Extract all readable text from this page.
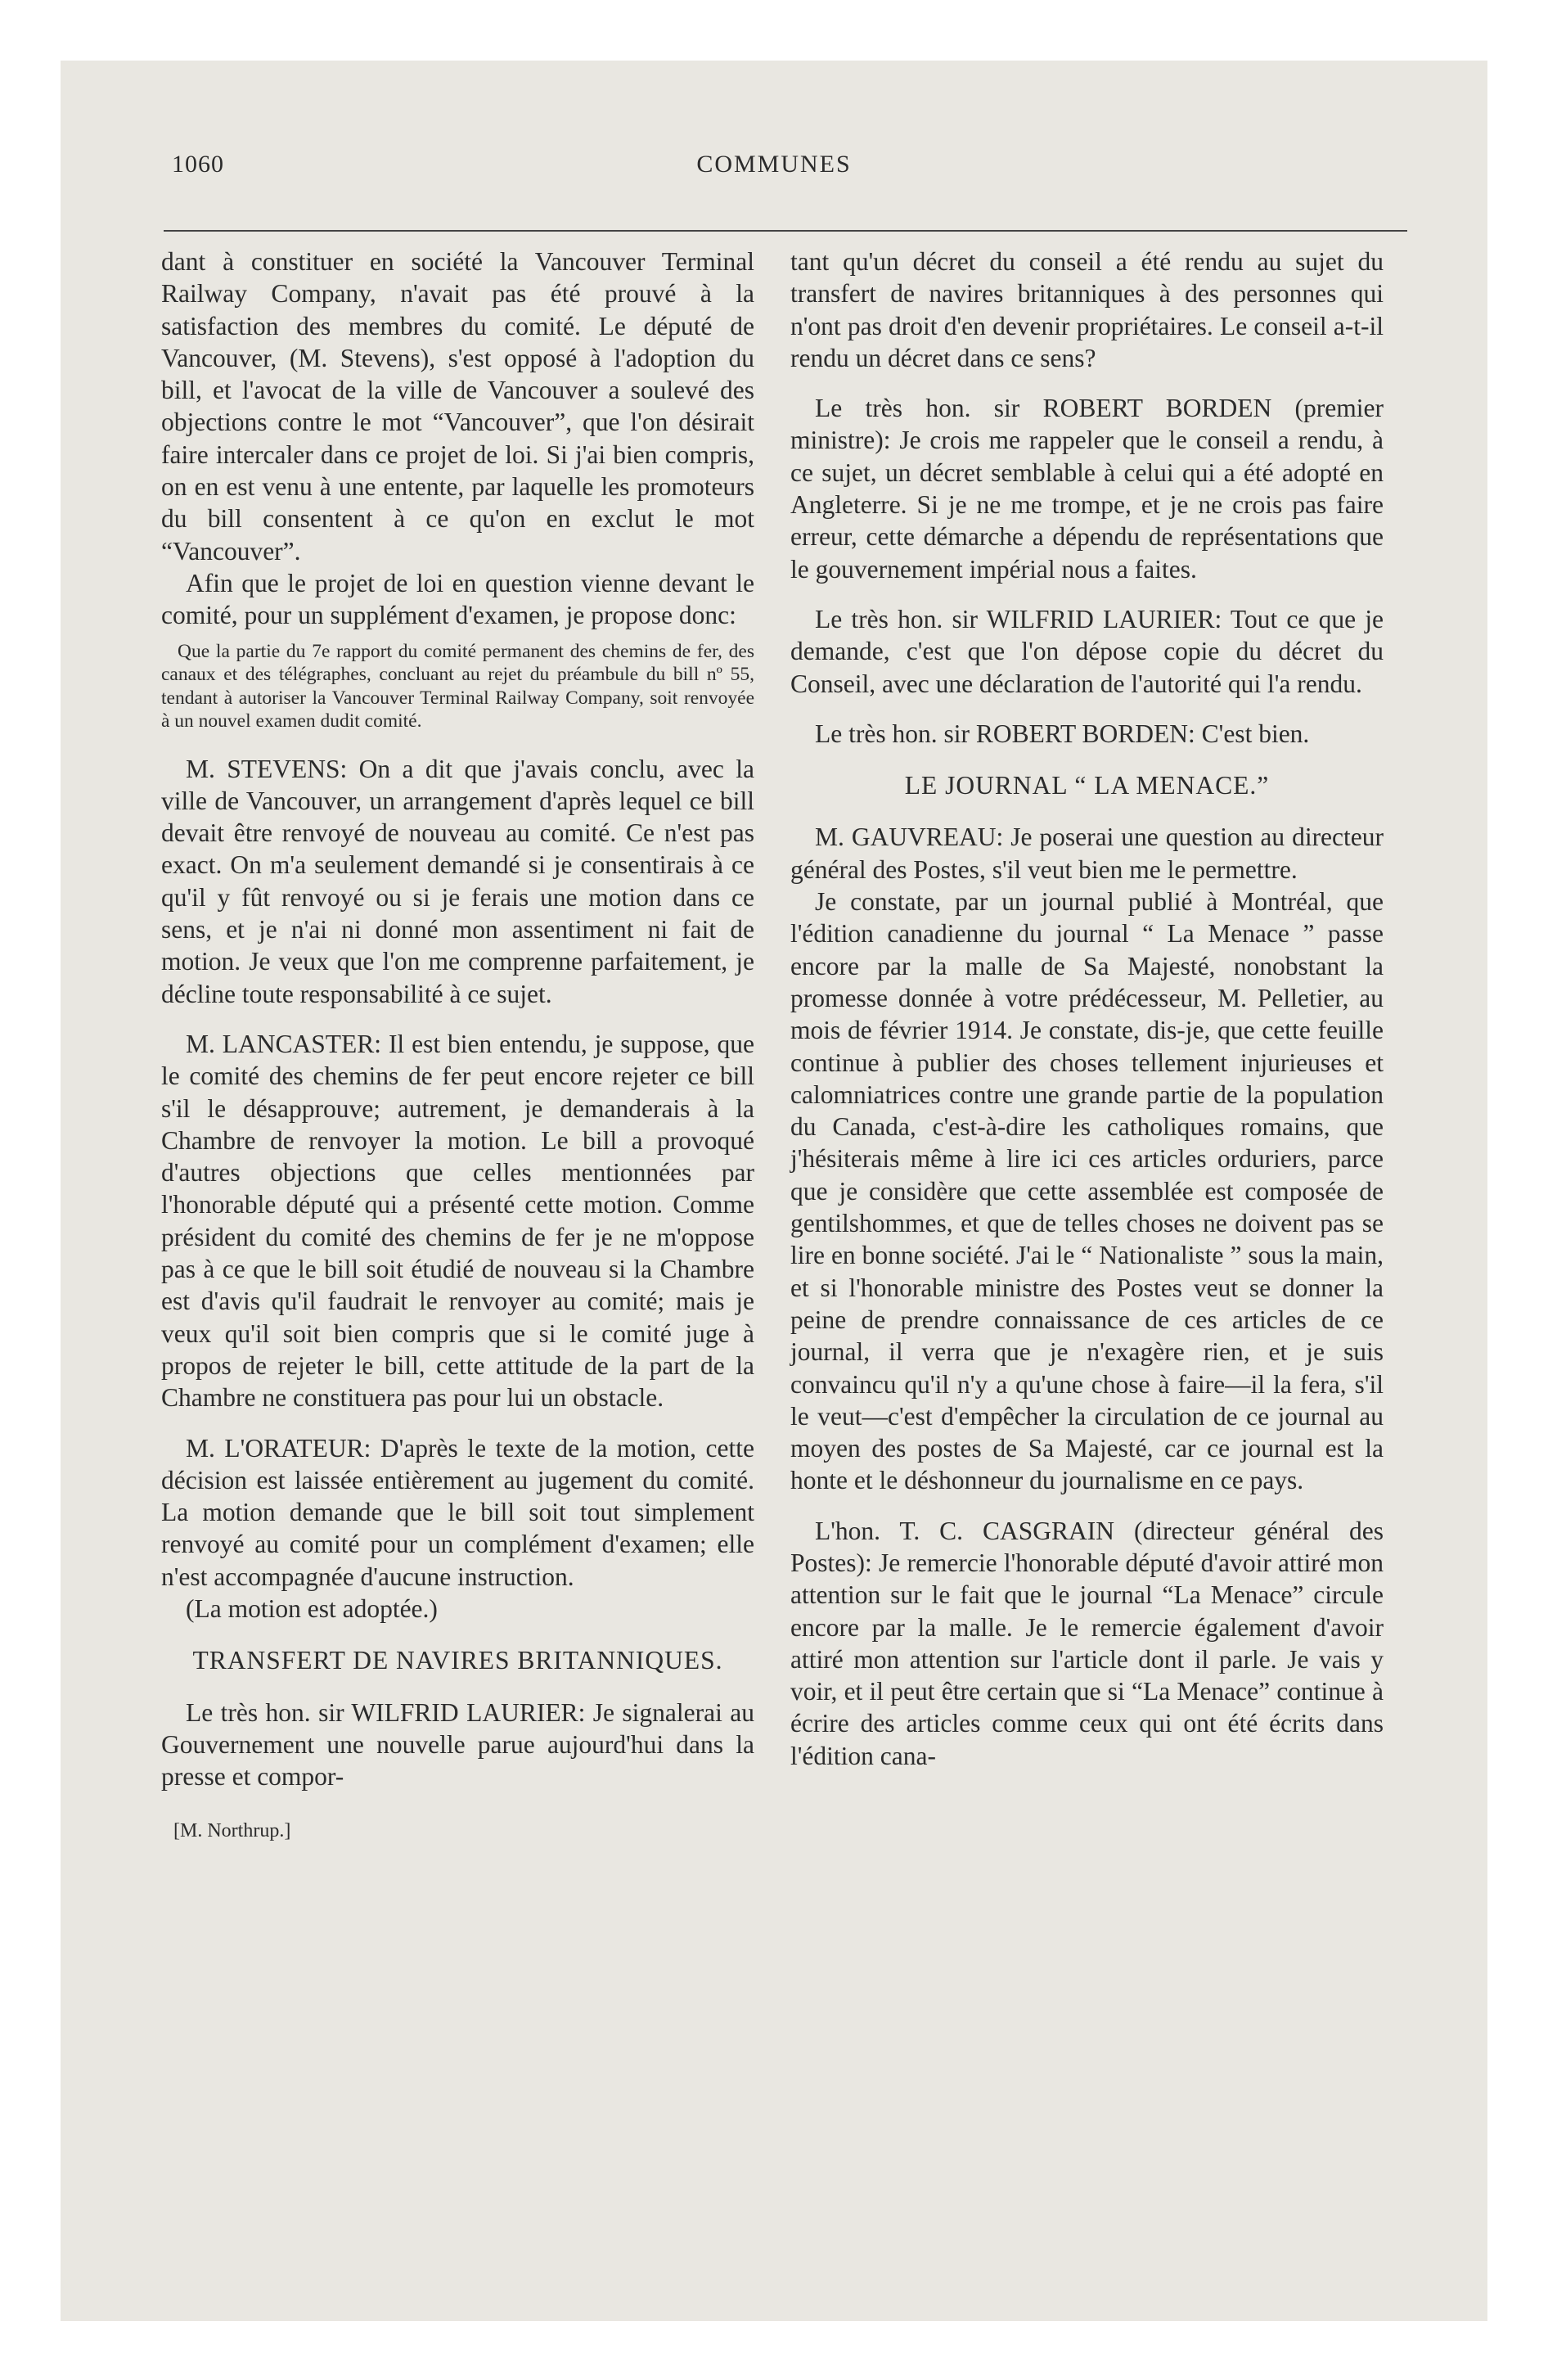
1060	COMMUNES

dant à constituer en société la Vancouver Terminal Railway Company, n'avait pas été prouvé à la satisfaction des membres du comité. Le député de Vancouver, (M. Stevens), s'est opposé à l'adoption du bill, et l'avocat de la ville de Vancouver a soulevé des objections contre le mot “Vancouver”, que l'on désirait faire intercaler dans ce projet de loi. Si j'ai bien compris, on en est venu à une entente, par laquelle les promoteurs du bill consentent à ce qu'on en exclut le mot “Vancouver”.

Afin que le projet de loi en question vienne devant le comité, pour un supplément d'examen, je propose donc:

Que la partie du 7e rapport du comité permanent des chemins de fer, des canaux et des télégraphes, concluant au rejet du préambule du bill nº 55, tendant à autoriser la Vancouver Terminal Railway Company, soit renvoyée à un nouvel examen dudit comité.

M. STEVENS: On a dit que j'avais conclu, avec la ville de Vancouver, un arrangement d'après lequel ce bill devait être renvoyé de nouveau au comité. Ce n'est pas exact. On m'a seulement demandé si je consentirais à ce qu'il y fût renvoyé ou si je ferais une motion dans ce sens, et je n'ai ni donné mon assentiment ni fait de motion. Je veux que l'on me comprenne parfaitement, je décline toute responsabilité à ce sujet.

M. LANCASTER: Il est bien entendu, je suppose, que le comité des chemins de fer peut encore rejeter ce bill s'il le désapprouve; autrement, je demanderais à la Chambre de renvoyer la motion. Le bill a provoqué d'autres objections que celles mentionnées par l'honorable député qui a présenté cette motion. Comme président du comité des chemins de fer je ne m'oppose pas à ce que le bill soit étudié de nouveau si la Chambre est d'avis qu'il faudrait le renvoyer au comité; mais je veux qu'il soit bien compris que si le comité juge à propos de rejeter le bill, cette attitude de la part de la Chambre ne constituera pas pour lui un obstacle.

M. L'ORATEUR: D'après le texte de la motion, cette décision est laissée entièrement au jugement du comité. La motion demande que le bill soit tout simplement renvoyé au comité pour un complément d'examen; elle n'est accompagnée d'aucune instruction.

(La motion est adoptée.)

TRANSFERT DE NAVIRES BRITANNIQUES.

Le très hon. sir WILFRID LAURIER: Je signalerai au Gouvernement une nouvelle parue aujourd'hui dans la presse et compor-

[M. Northrup.]

tant qu'un décret du conseil a été rendu au sujet du transfert de navires britanniques à des personnes qui n'ont pas droit d'en devenir propriétaires. Le conseil a-t-il rendu un décret dans ce sens?

Le très hon. sir ROBERT BORDEN (premier ministre): Je crois me rappeler que le conseil a rendu, à ce sujet, un décret semblable à celui qui a été adopté en Angleterre. Si je ne me trompe, et je ne crois pas faire erreur, cette démarche a dépendu de représentations que le gouvernement impérial nous a faites.

Le très hon. sir WILFRID LAURIER: Tout ce que je demande, c'est que l'on dépose copie du décret du Conseil, avec une déclaration de l'autorité qui l'a rendu.

Le très hon. sir ROBERT BORDEN: C'est bien.

LE JOURNAL “ LA MENACE.”

M. GAUVREAU: Je poserai une question au directeur général des Postes, s'il veut bien me le permettre.

Je constate, par un journal publié à Montréal, que l'édition canadienne du journal “ La Menace ” passe encore par la malle de Sa Majesté, nonobstant la promesse donnée à votre prédécesseur, M. Pelletier, au mois de février 1914. Je constate, dis-je, que cette feuille continue à publier des choses tellement injurieuses et calomniatrices contre une grande partie de la population du Canada, c'est-à-dire les catholiques romains, que j'hésiterais même à lire ici ces articles orduriers, parce que je considère que cette assemblée est composée de gentilshommes, et que de telles choses ne doivent pas se lire en bonne société. J'ai le “ Nationaliste ” sous la main, et si l'honorable ministre des Postes veut se donner la peine de prendre connaissance de ces articles de ce journal, il verra que je n'exagère rien, et je suis convaincu qu'il n'y a qu'une chose à faire—il la fera, s'il le veut—c'est d'empêcher la circulation de ce journal au moyen des postes de Sa Majesté, car ce journal est la honte et le déshonneur du journalisme en ce pays.

L'hon. T. C. CASGRAIN (directeur général des Postes): Je remercie l'honorable député d'avoir attiré mon attention sur le fait que le journal “La Menace” circule encore par la malle. Je le remercie également d'avoir attiré mon attention sur l'article dont il parle. Je vais y voir, et il peut être certain que si “La Menace” continue à écrire des articles comme ceux qui ont été écrits dans l'édition cana-
